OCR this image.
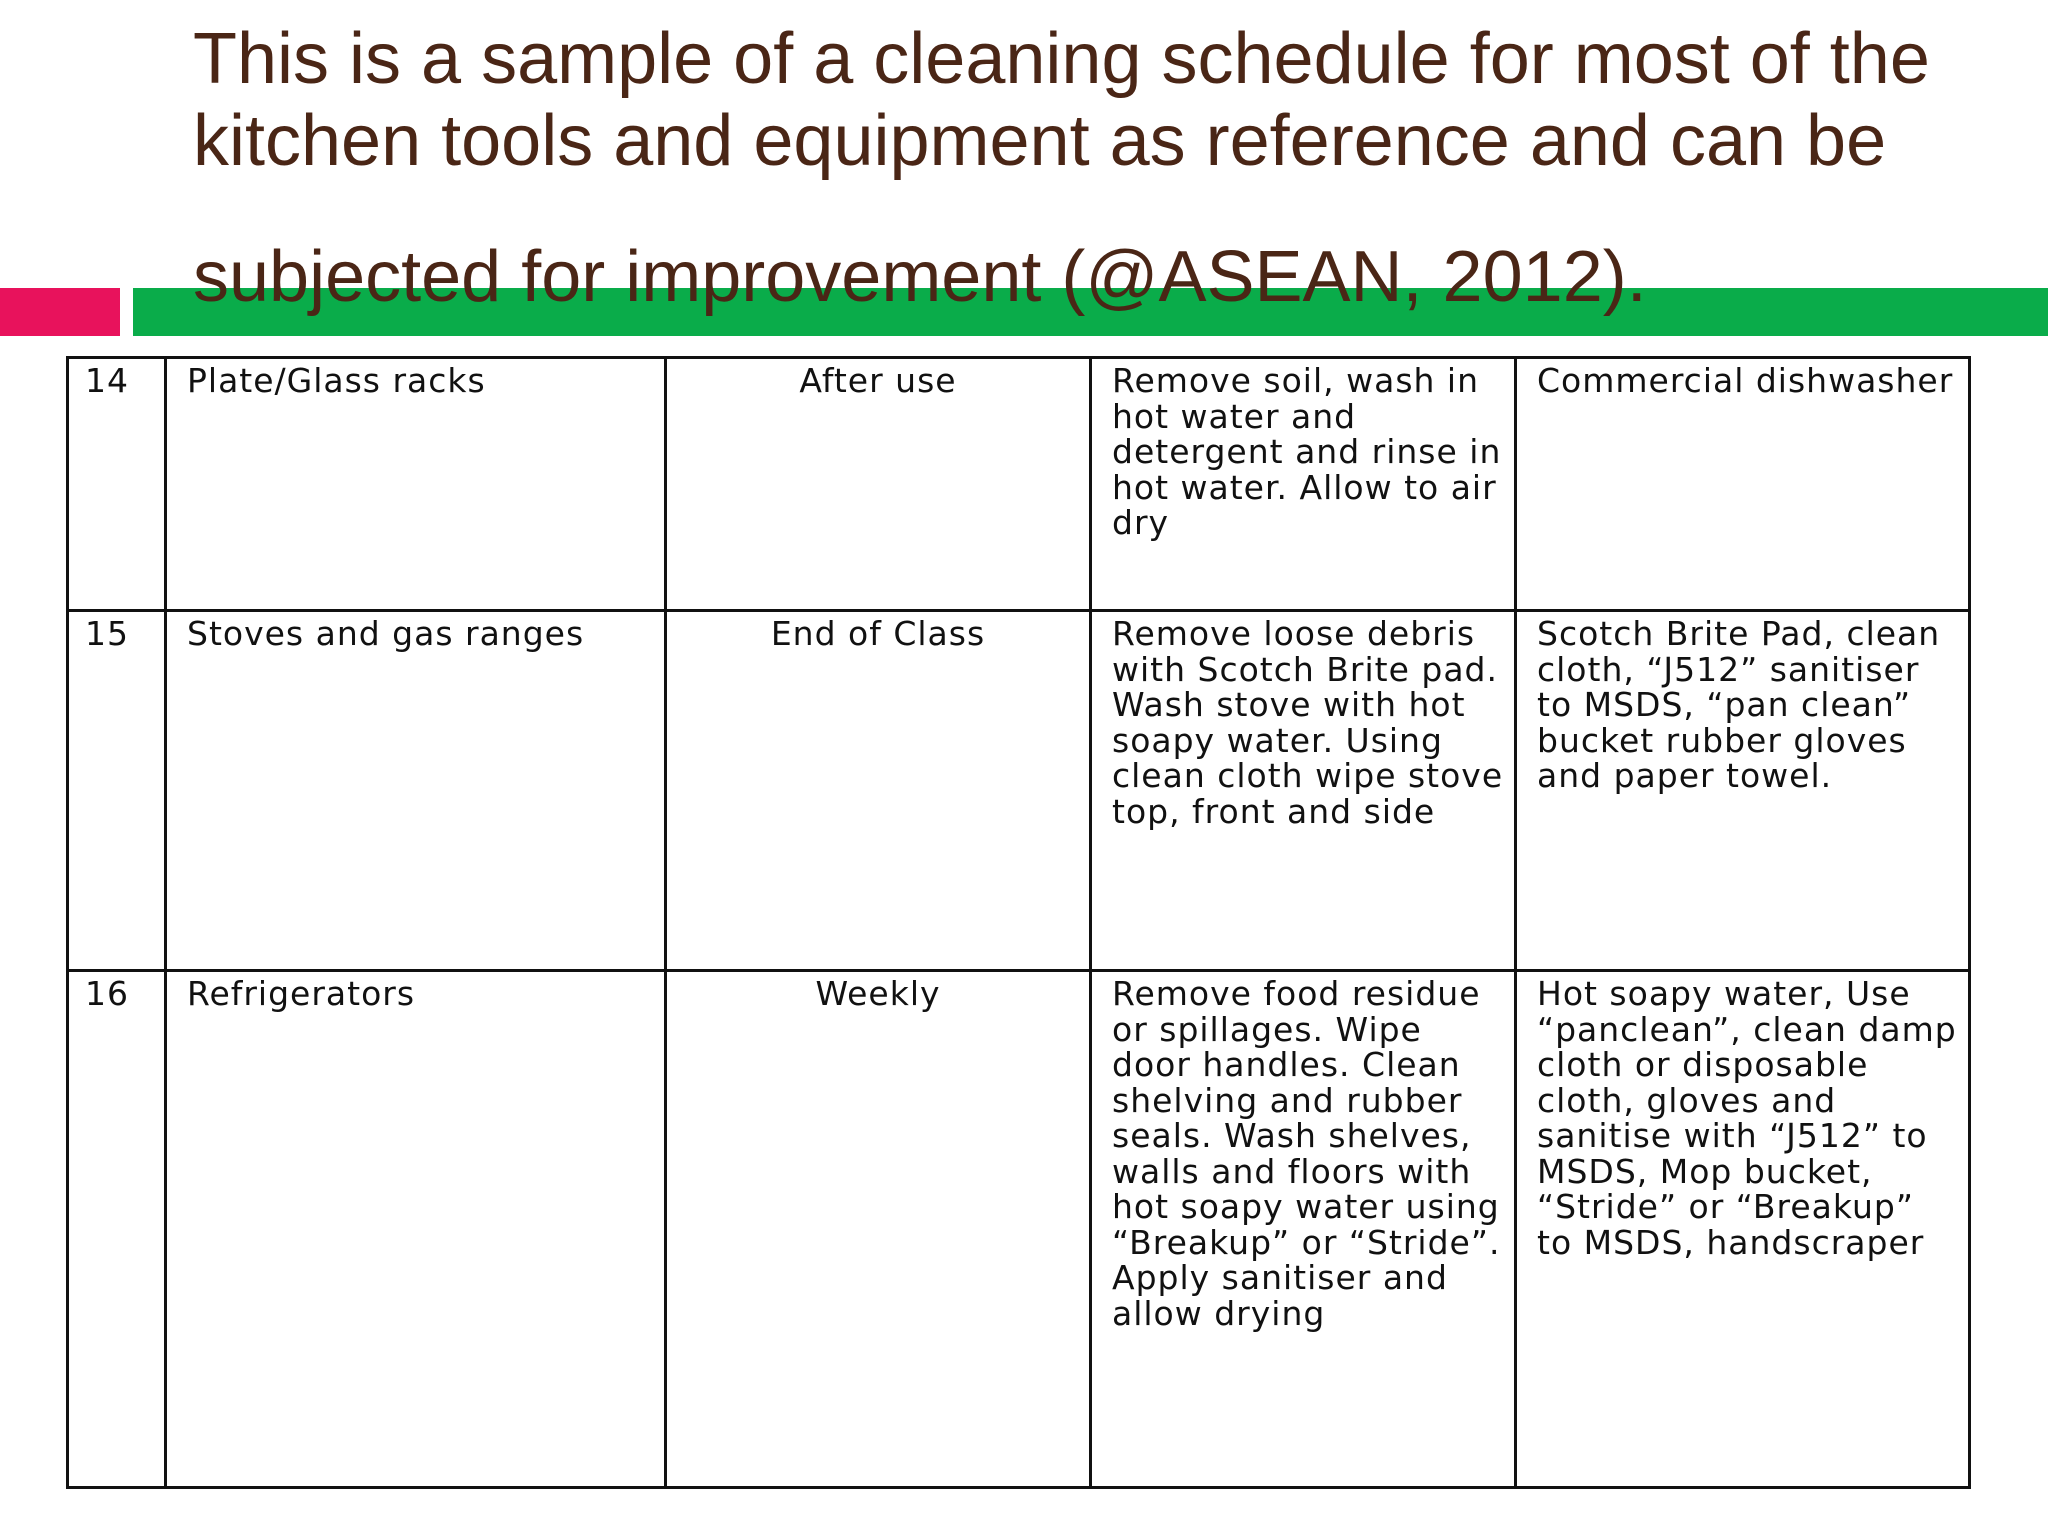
This is a sample of a cleaning schedule for most of the
kitchen tools and equipment as reference and can be
subjected for improvement (@ASEAN, 2012).
14	Plate/Glass racks	After use	Remove soil, wash in hot water and detergent and rinse in hot water. Allow to air dry	Commercial dishwasher
15	Stoves and gas ranges	End of Class	Remove loose debris with Scotch Brite pad. Wash stove with hot soapy water. Using clean cloth wipe stove top, front and side	Scotch Brite Pad, clean cloth, “J512” sanitiser to MSDS, “pan clean” bucket rubber gloves and paper towel.
16	Refrigerators	Weekly	Remove food residue or spillages. Wipe door handles. Clean shelving and rubber seals. Wash shelves, walls and floors with hot soapy water using “Breakup” or “Stride”. Apply sanitiser and allow drying	Hot soapy water, Use “panclean”, clean damp cloth or disposable cloth, gloves and sanitise with “J512” to MSDS, Mop bucket, “Stride” or “Breakup” to MSDS, handscraper
